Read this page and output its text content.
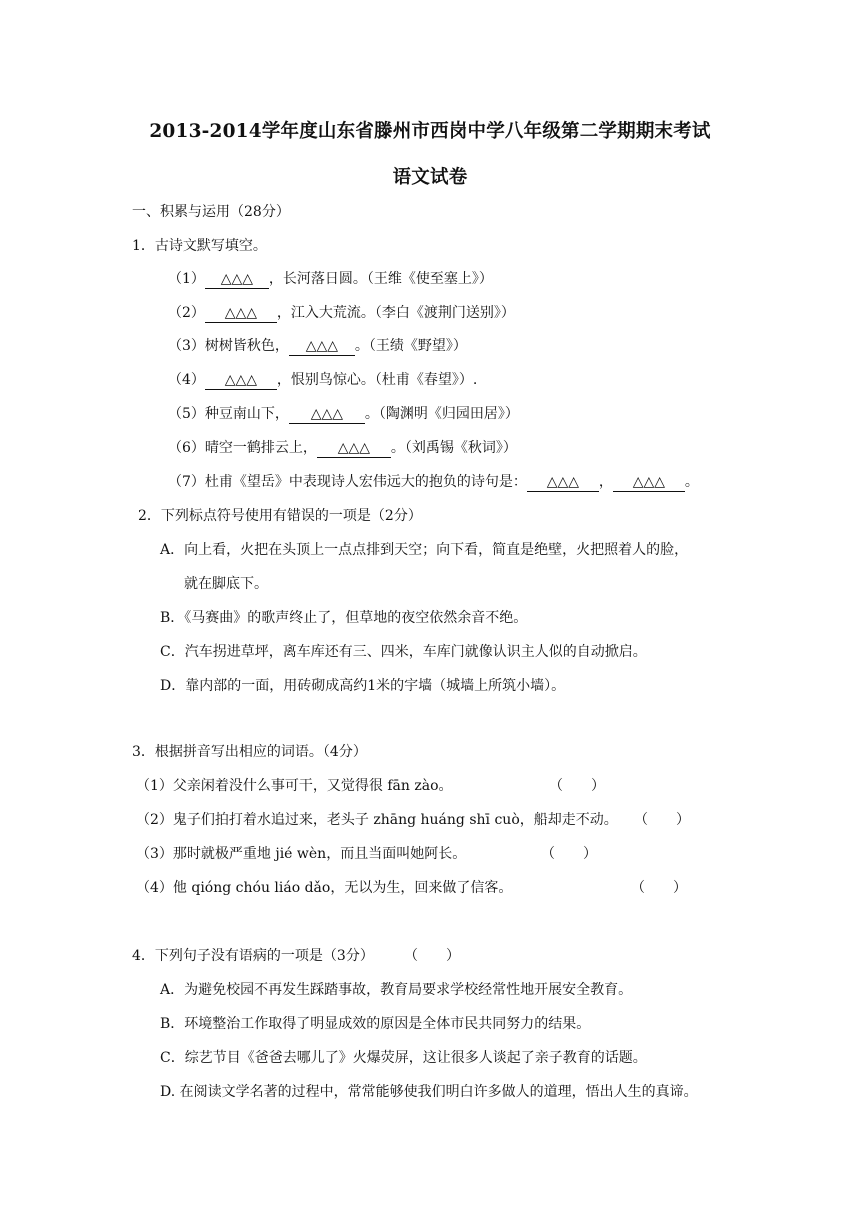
2013-2014学年度山东省滕州市西岗中学八年级第二学期期末考试
语文试卷
一、积累与运用（28分）
1．古诗文默写填空。
（1） △△△ ，长河落日圆。（王维《使至塞上》）
（2） △△△ ，江入大荒流。（李白《渡荆门送别》）
（3）树树皆秋色， △△△ 。（王绩《野望》）
（4） △△△ ，恨别鸟惊心。（杜甫《春望》）.
（5）种豆南山下， △△△ 。（陶渊明《归园田居》）
（6）晴空一鹤排云上， △△△ 。（刘禹锡《秋词》）
（7）杜甫《望岳》中表现诗人宏伟远大的抱负的诗句是： △△△ ， △△△ 。
2．下列标点符号使用有错误的一项是（2分）
A．向上看，火把在头顶上一点点排到天空；向下看，简直是绝壁，火把照着人的脸，
就在脚底下。
B．《马赛曲》的歌声终止了，但草地的夜空依然余音不绝。
C．汽车拐进草坪，离车库还有三、四米，车库门就像认识主人似的自动掀启。
D．靠内部的一面，用砖砌成高约1米的宇墙（城墙上所筑小墙）。
3．根据拼音写出相应的词语。（4分）
（1）父亲闲着没什么事可干，又觉得很 fān zào。	（　　）
（2）鬼子们拍打着水追过来，老头子 zhāng huáng shī cuò，船却走不动。 （　　）
（3）那时就极严重地 jié wèn，而且当面叫她阿长。	（　　）
（4）他 qióng chóu liáo dǎo，无以为生，回来做了信客。	（　　）
4．下列句子没有语病的一项是（3分） （　　）
A．为避免校园不再发生踩踏事故，教育局要求学校经常性地开展安全教育。
B．环境整治工作取得了明显成效的原因是全体市民共同努力的结果。
C．综艺节目《爸爸去哪儿了》火爆荧屏，这让很多人谈起了亲子教育的话题。
D. 在阅读文学名著的过程中，常常能够使我们明白许多做人的道理，悟出人生的真谛。
